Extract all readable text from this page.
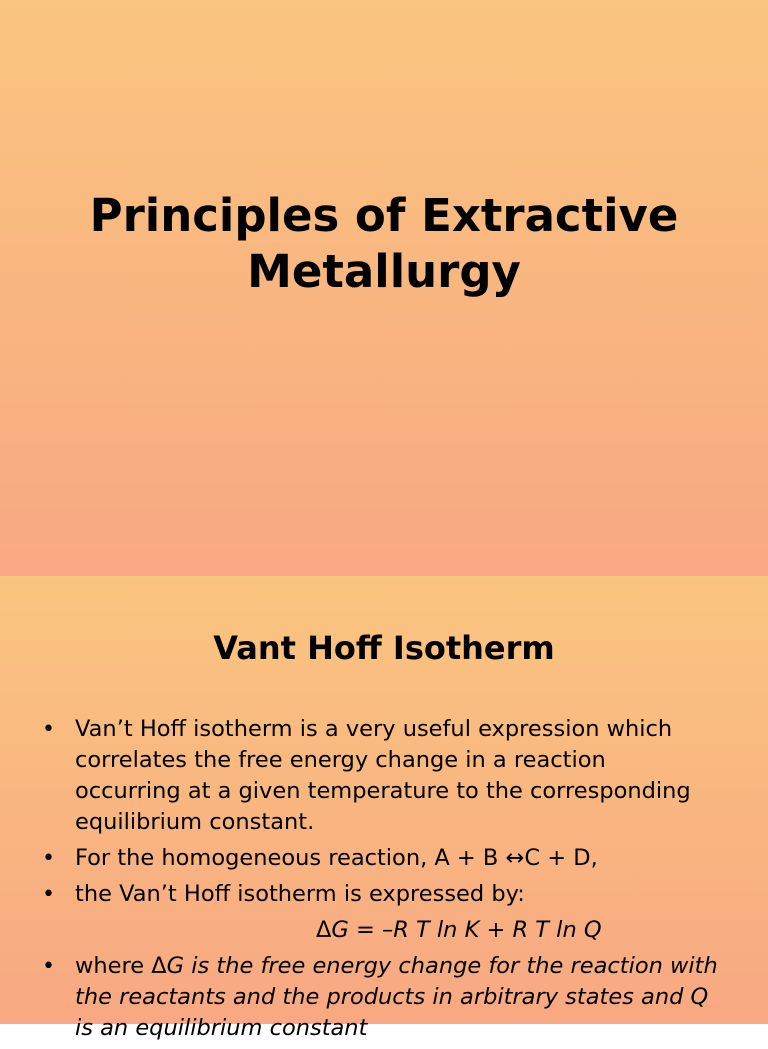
Principles of Extractive
Metallurgy
Vant Hoff Isotherm
• Van’t Hoff isotherm is a very useful expression which correlates the free energy change in a reaction occurring at a given temperature to the corresponding equilibrium constant.
• For the homogeneous reaction, A + B ↔C + D,
• the Van’t Hoff isotherm is expressed by:
• where ΔG is the free energy change for the reaction with the reactants and the products in arbitrary states and Q is an equilibrium constant
ΔG = –R T ln K + R T ln Q
